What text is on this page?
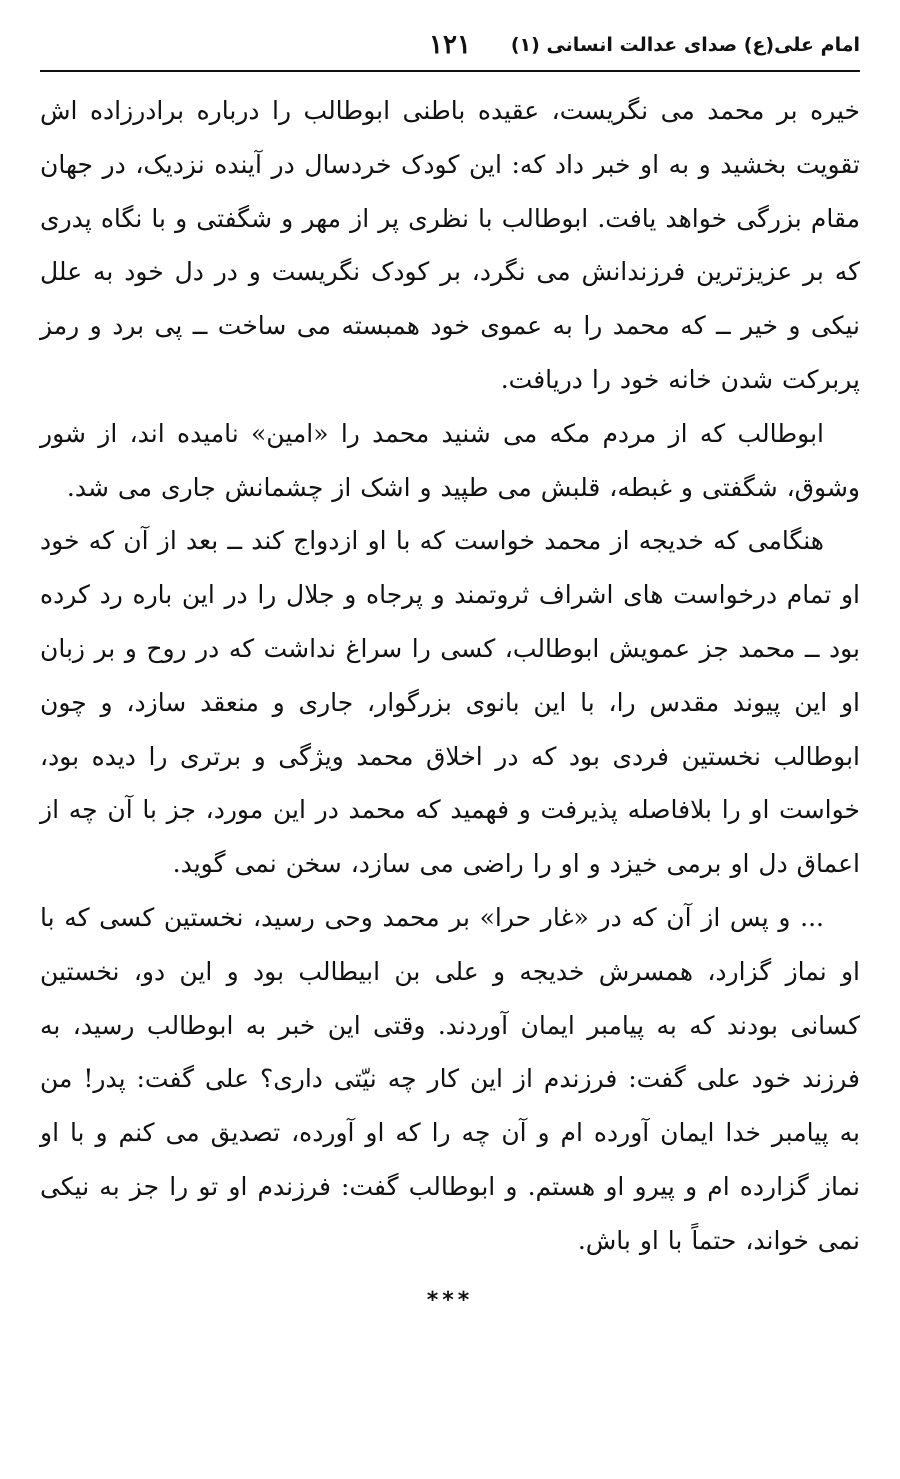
امام علی(ع) صدای عدالت انسانی (۱)
۱۲۱

خیره بر محمد می نگریست، عقیده باطنی ابوطالب را درباره برادرزاده اش تقویت بخشید و به او خبر داد که: این کودک خردسال در آینده نزدیک، در جهان مقام بزرگی خواهد یافت. ابوطالب با نظری پر از مهر و شگفتی و با نگاه پدری که بر عزیزترین فرزندانش می نگرد، بر کودک نگریست و در دل خود به علل نیکی و خیر ــ که محمد را به عموی خود همبسته می ساخت ــ پی برد و رمز پربرکت شدن خانه خود را دریافت.

ابوطالب که از مردم مکه می شنید محمد را «امین» نامیده اند، از شور وشوق، شگفتی و غبطه، قلبش می طپید و اشک از چشمانش جاری می شد.

هنگامی که خدیجه از محمد خواست که با او ازدواج کند ــ بعد از آن که خود او تمام درخواست های اشراف ثروتمند و پرجاه و جلال را در این باره رد کرده بود ــ محمد جز عمویش ابوطالب، کسی را سراغ نداشت که در روح و بر زبان او این پیوند مقدس را، با این بانوی بزرگوار، جاری و منعقد سازد، و چون ابوطالب نخستین فردی بود که در اخلاق محمد ویژگی و برتری را دیده بود، خواست او را بلافاصله پذیرفت و فهمید که محمد در این مورد، جز با آن چه از اعماق دل او برمی خیزد و او را راضی می سازد، سخن نمی گوید.

... و پس از آن که در «غار حرا» بر محمد وحی رسید، نخستین کسی که با او نماز گزارد، همسرش خدیجه و علی بن ابیطالب بود و این دو، نخستین کسانی بودند که به پیامبر ایمان آوردند. وقتی این خبر به ابوطالب رسید، به فرزند خود علی گفت: فرزندم از این کار چه نیّتی داری؟ علی گفت: پدر! من به پیامبر خدا ایمان آورده ام و آن چه را که او آورده، تصدیق می کنم و با او نماز گزارده ام و پیرو او هستم. و ابوطالب گفت: فرزندم او تو را جز به نیکی نمی خواند، حتماً با او باش.

***
